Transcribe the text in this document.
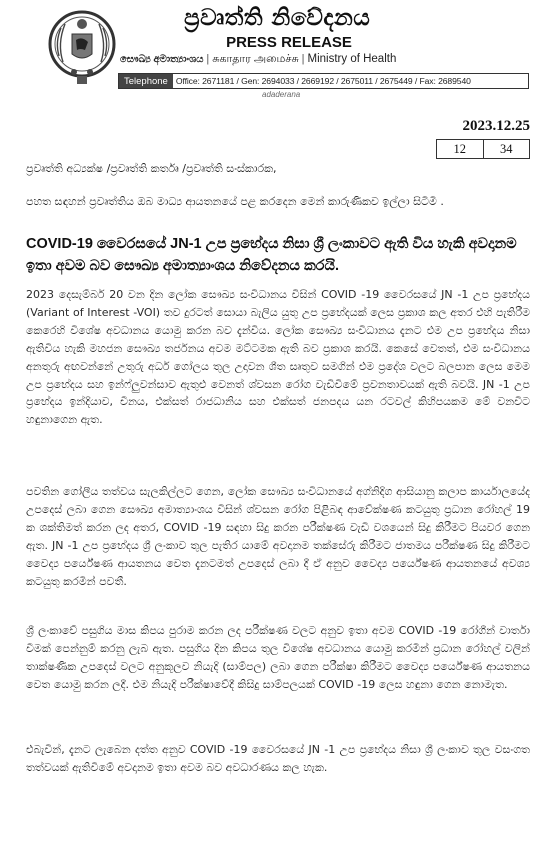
ප්‍රවෘත්ති නිවේදනය
PRESS RELEASE
සෞඛ්‍ය අමාත්‍යාංශය | சுகாதார அமைச்சு | Ministry of Health
Telephone Office: 2671181 / Gen: 2694033 / 2669192 / 2675011 / 2675449 / Fax: 2689540
adaderana
2023.12.25
12	34
ප්‍රවෘත්ති අධ්‍යක්ෂ /ප්‍රවෘත්ති කර්තෘ /ප්‍රවෘත්ති සංස්කාරක,
පහත සඳහන් ප්‍රවෘත්තිය ඔබ මාධ්‍ය ආයතනයේ පළ කරදෙන මෙන් කාරුණිකව ඉල්ලා සිටිමි .
COVID-19 වෛරසයේ JN-1 උප ප්‍රභේදය නිසා ශ්‍රී ලංකාවට ඇති විය හැකි අවදානම ඉතා අවම බව සෞඛ්‍ය අමාත්‍යාංශය නිවේදනය කරයි.
2023 දෙසැම්බර් 20 වන දින ලෝක සෞඛ්‍ය සංවිධානය විසින් COVID -19 වෛරසයේ JN -1 උප ප්‍රභේදය (Variant of Interest -VOI) තව දුරටත් සොයා බැලිය යුතු උප ප්‍රභේදයක් ලෙස ප්‍රකාශ කල අතර එහි පැතිරීම කෙරෙහි විශේෂ අවධානය යොමු කරන බව දැන්විය. ලෝක සෞඛ්‍ය සංවිධානය දැනට එම උප ප්‍රභේදය නිසා ඇතිවිය හැකි මහජන සෞඛ්‍ය තර්ජනය අවම මට්ටමක ඇති බව ප්‍රකාශ කරයි. කෙසේ වෙතත්, එම සංවිධානය අනතුරු අඟවන්නේ උතුරු අර්ධ ගෝලය තුල උදාවන ශීත සෘතුව සමගින් එම ප්‍රදේශ වලට බලපාන ලෙස මෙම උප ප්‍රභේදය සහ ඉන්ෆ්ලුවන්සාව ඇතුළු වෙනත් ශ්වසන රෝග වැඩිවීමේ ප්‍රවනතාවයක් ඇති බවයි. JN -1 උප ප්‍රභේදය ඉන්දියාව, චීනය, එක්සත් රාජධානිය සහ එක්සත් ජනපදය යන රටවල් කිහිපයකම මේ වනවිට හඳුනාගෙන ඇත.
පවතින ගෝලීය තත්වය සැලකිල්ලට ගෙන, ලෝක සෞඛ්‍ය සංවිධානයේ අග්නිදිග ආසියානු කලාප කාර්යාලයේද උපදෙස් ලබා ගෙන සෞඛ්‍ය අමාත්‍යාංශය විසින් ශ්වසන රෝග පිළිබඳ ආවේක්ෂණ කටයුතු ප්‍රධාන රෝහල් 19 ක ශක්තිමත් කරන ලද අතර, COVID -19 සඳහා සිදු කරන පරීක්ෂණ වැඩි වශයෙන් සිදු කිරීමට පියවර ගෙන ඇත. JN -1 උප ප්‍රභේදය ශ්‍රී ලංකාව තුල පැතිර යාමේ අවදානම තක්සේරු කිරීමට ජාතමය පරීක්ෂණ සිදු කිරීමට වෛද්‍ය පර්යේෂණ ආයතනය වෙත දැනටමත් උපදෙස් ලබා දී ඒ අනුව වෛද්‍ය පර්යේෂණ ආයතනයේ අවශ්‍ය කටයුතු කරමින් පවතී.
ශ්‍රී ලංකාවේ පසුගිය මාස කිපය පුරාම කරන ලද පරීක්ෂණ වලට අනුව ඉතා අවම COVID -19 රෝගීන් වාර්තා වීමක් පෙන්නුම් කරනු ලැබ ඇත. පසුගිය දින කිපය තුල විශේෂ අවධානය යොමු කරමින් ප්‍රධාන රෝහල් වලින් තාක්ෂණික උපදෙස් වලට අනුකූලව නියැදි (සාම්පල) ලබා ගෙන පරීක්ෂා කිරීමට වෛද්‍ය පර්යේෂණ ආයතනය වෙත යොමු කරන ලදී. එම නියැදි පරීක්ෂාවේදී කිසිදු සාම්පලයක් COVID -19 ලෙස හඳුනා ගෙන නොමැත.
එබැවින්, දැනට ලැබෙන දත්ත අනුව COVID -19 වෛරසයේ JN -1 උප ප්‍රභේදය නිසා ශ්‍රී ලංකාව තුල වසංගත තත්වයක් ඇතිවීමේ අවදානම ඉතා අවම බව අවධාරණය කල හැක.
